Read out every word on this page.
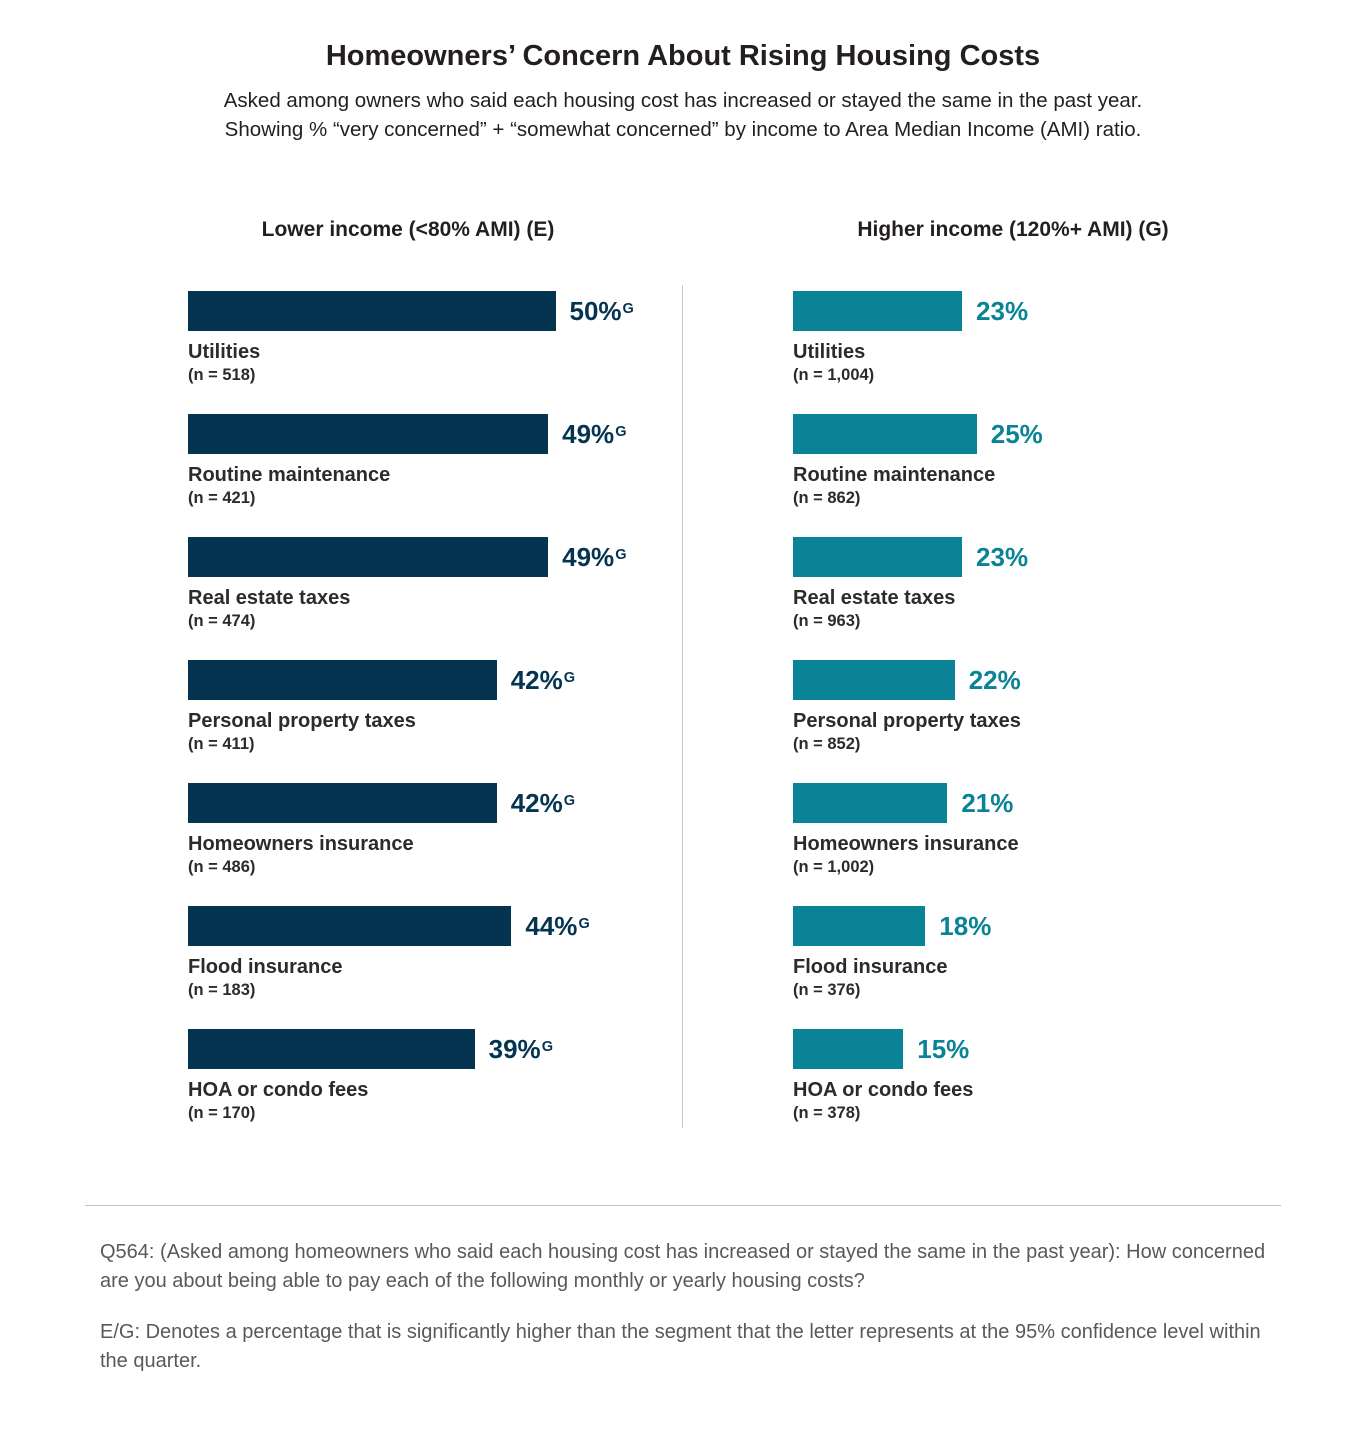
Homeowners’ Concern About Rising Housing Costs
Asked among owners who said each housing cost has increased or stayed the same in the past year.
Showing % “very concerned” + “somewhat concerned” by income to Area Median Income (AMI) ratio.
Lower income (<80% AMI) (E)
50%$^G$
Utilities
(n = 518)
49%$^G$
Routine maintenance
(n = 421)
49%$^G$
Real estate taxes
(n = 474)
42%$^G$
Personal property taxes
(n = 411)
42%$^G$
Homeowners insurance
(n = 486)
44%$^G$
Flood insurance
(n = 183)
39%$^G$
HOA or condo fees
(n = 170)
Higher income (120%+ AMI) (G)
23%
Utilities
(n = 1,004)
25%
Routine maintenance
(n = 862)
23%
Real estate taxes
(n = 963)
22%
Personal property taxes
(n = 852)
21%
Homeowners insurance
(n = 1,002)
18%
Flood insurance
(n = 376)
15%
HOA or condo fees
(n = 378)
Q564: (Asked among homeowners who said each housing cost has increased or stayed the same in the past year): How concerned are you about being able to pay each of the following monthly or yearly housing costs?
E/G: Denotes a percentage that is significantly higher than the segment that the letter represents at the 95% confidence level within the quarter.
